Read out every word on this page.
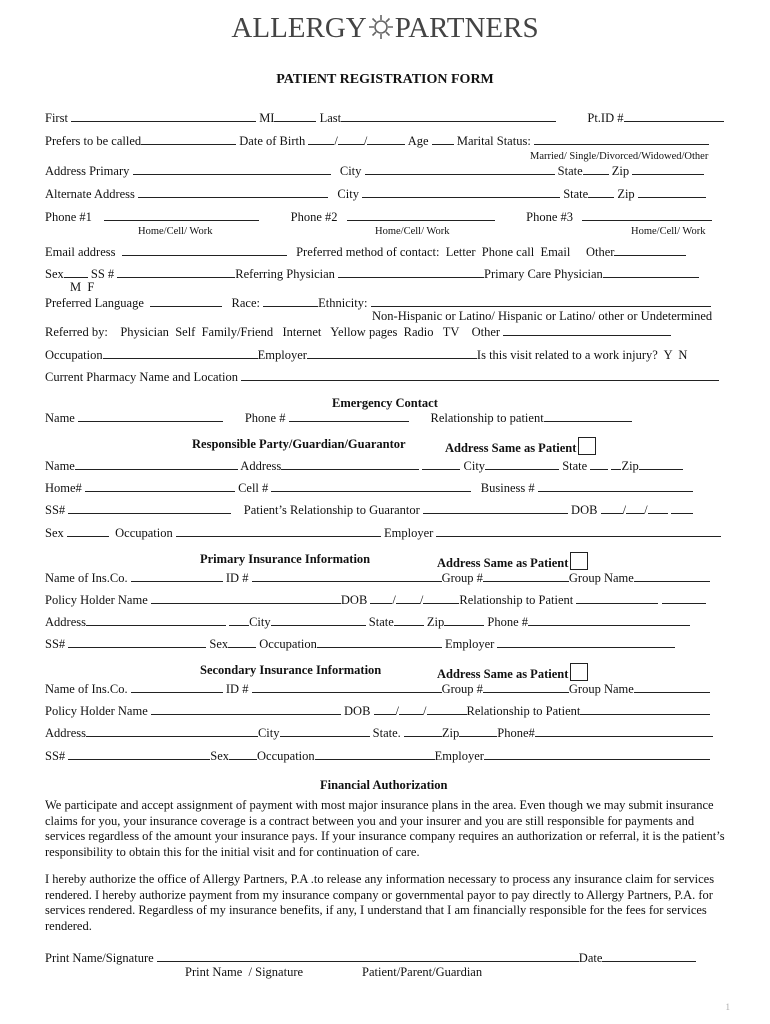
ALLERGY PARTNERS
PATIENT REGISTRATION FORM
First	MI	Last	Pt.ID #
Prefers to be called	Date of Birth / /	Age Marital Status:
Married/ Single/Divorced/Widowed/Other
Address Primary	City	State Zip
Alternate Address	City	State Zip
Phone #1	Phone #2	Phone #3
Home/Cell/ Work	Home/Cell/ Work	Home/Cell/ Work
Email address	Preferred method of contact: Letter Phone call Email Other
Sex SS #	Referring Physician	Primary Care Physician
M  F
Preferred Language	Race:	Ethnicity:
Non-Hispanic or Latino/ Hispanic or Latino/ other or Undetermined
Referred by: Physician Self Family/Friend Internet Yellow pages Radio TV Other
Occupation	Employer	Is this visit related to a work injury? Y  N
Current Pharmacy Name and Location
Emergency Contact
Name	Phone #	Relationship to patient
Responsible Party/Guardian/Guarantor	Address Same as Patient
Name	Address	City	State	Zip
Home#	Cell #	Business #
SS#	Patient’s Relationship to Guarantor	DOB / /
Sex	Occupation	Employer
Primary Insurance Information	Address Same as Patient
Name of Ins.Co.	ID #	Group #	Group Name
Policy Holder Name	DOB / /	Relationship to Patient
Address	City	State	Zip	Phone #
SS#	Sex Occupation	Employer
Secondary Insurance Information	Address Same as Patient
Name of Ins.Co.	ID #	Group #	Group Name
Policy Holder Name	DOB / /	Relationship to Patient
Address	City	State.	Zip	Phone#
SS#	Sex Occupation	Employer
Financial Authorization
We participate and accept assignment of payment with most major insurance plans in the area. Even though we may submit insurance claims for you, your insurance coverage is a contract between you and your insurer and you are still responsible for payments and services regardless of the amount your insurance pays. If your insurance company requires an authorization or referral, it is the patient’s responsibility to obtain this for the initial visit and for continuation of care.
I hereby authorize the office of Allergy Partners, P.A .to release any information necessary to process any insurance claim for services rendered. I hereby authorize payment from my insurance company or governmental payor to pay directly to Allergy Partners, P.A. for services rendered. Regardless of my insurance benefits, if any, I understand that I am financially responsible for the fees for services rendered.
Print Name/Signature	Date
Print Name  / Signature	Patient/Parent/Guardian
1
